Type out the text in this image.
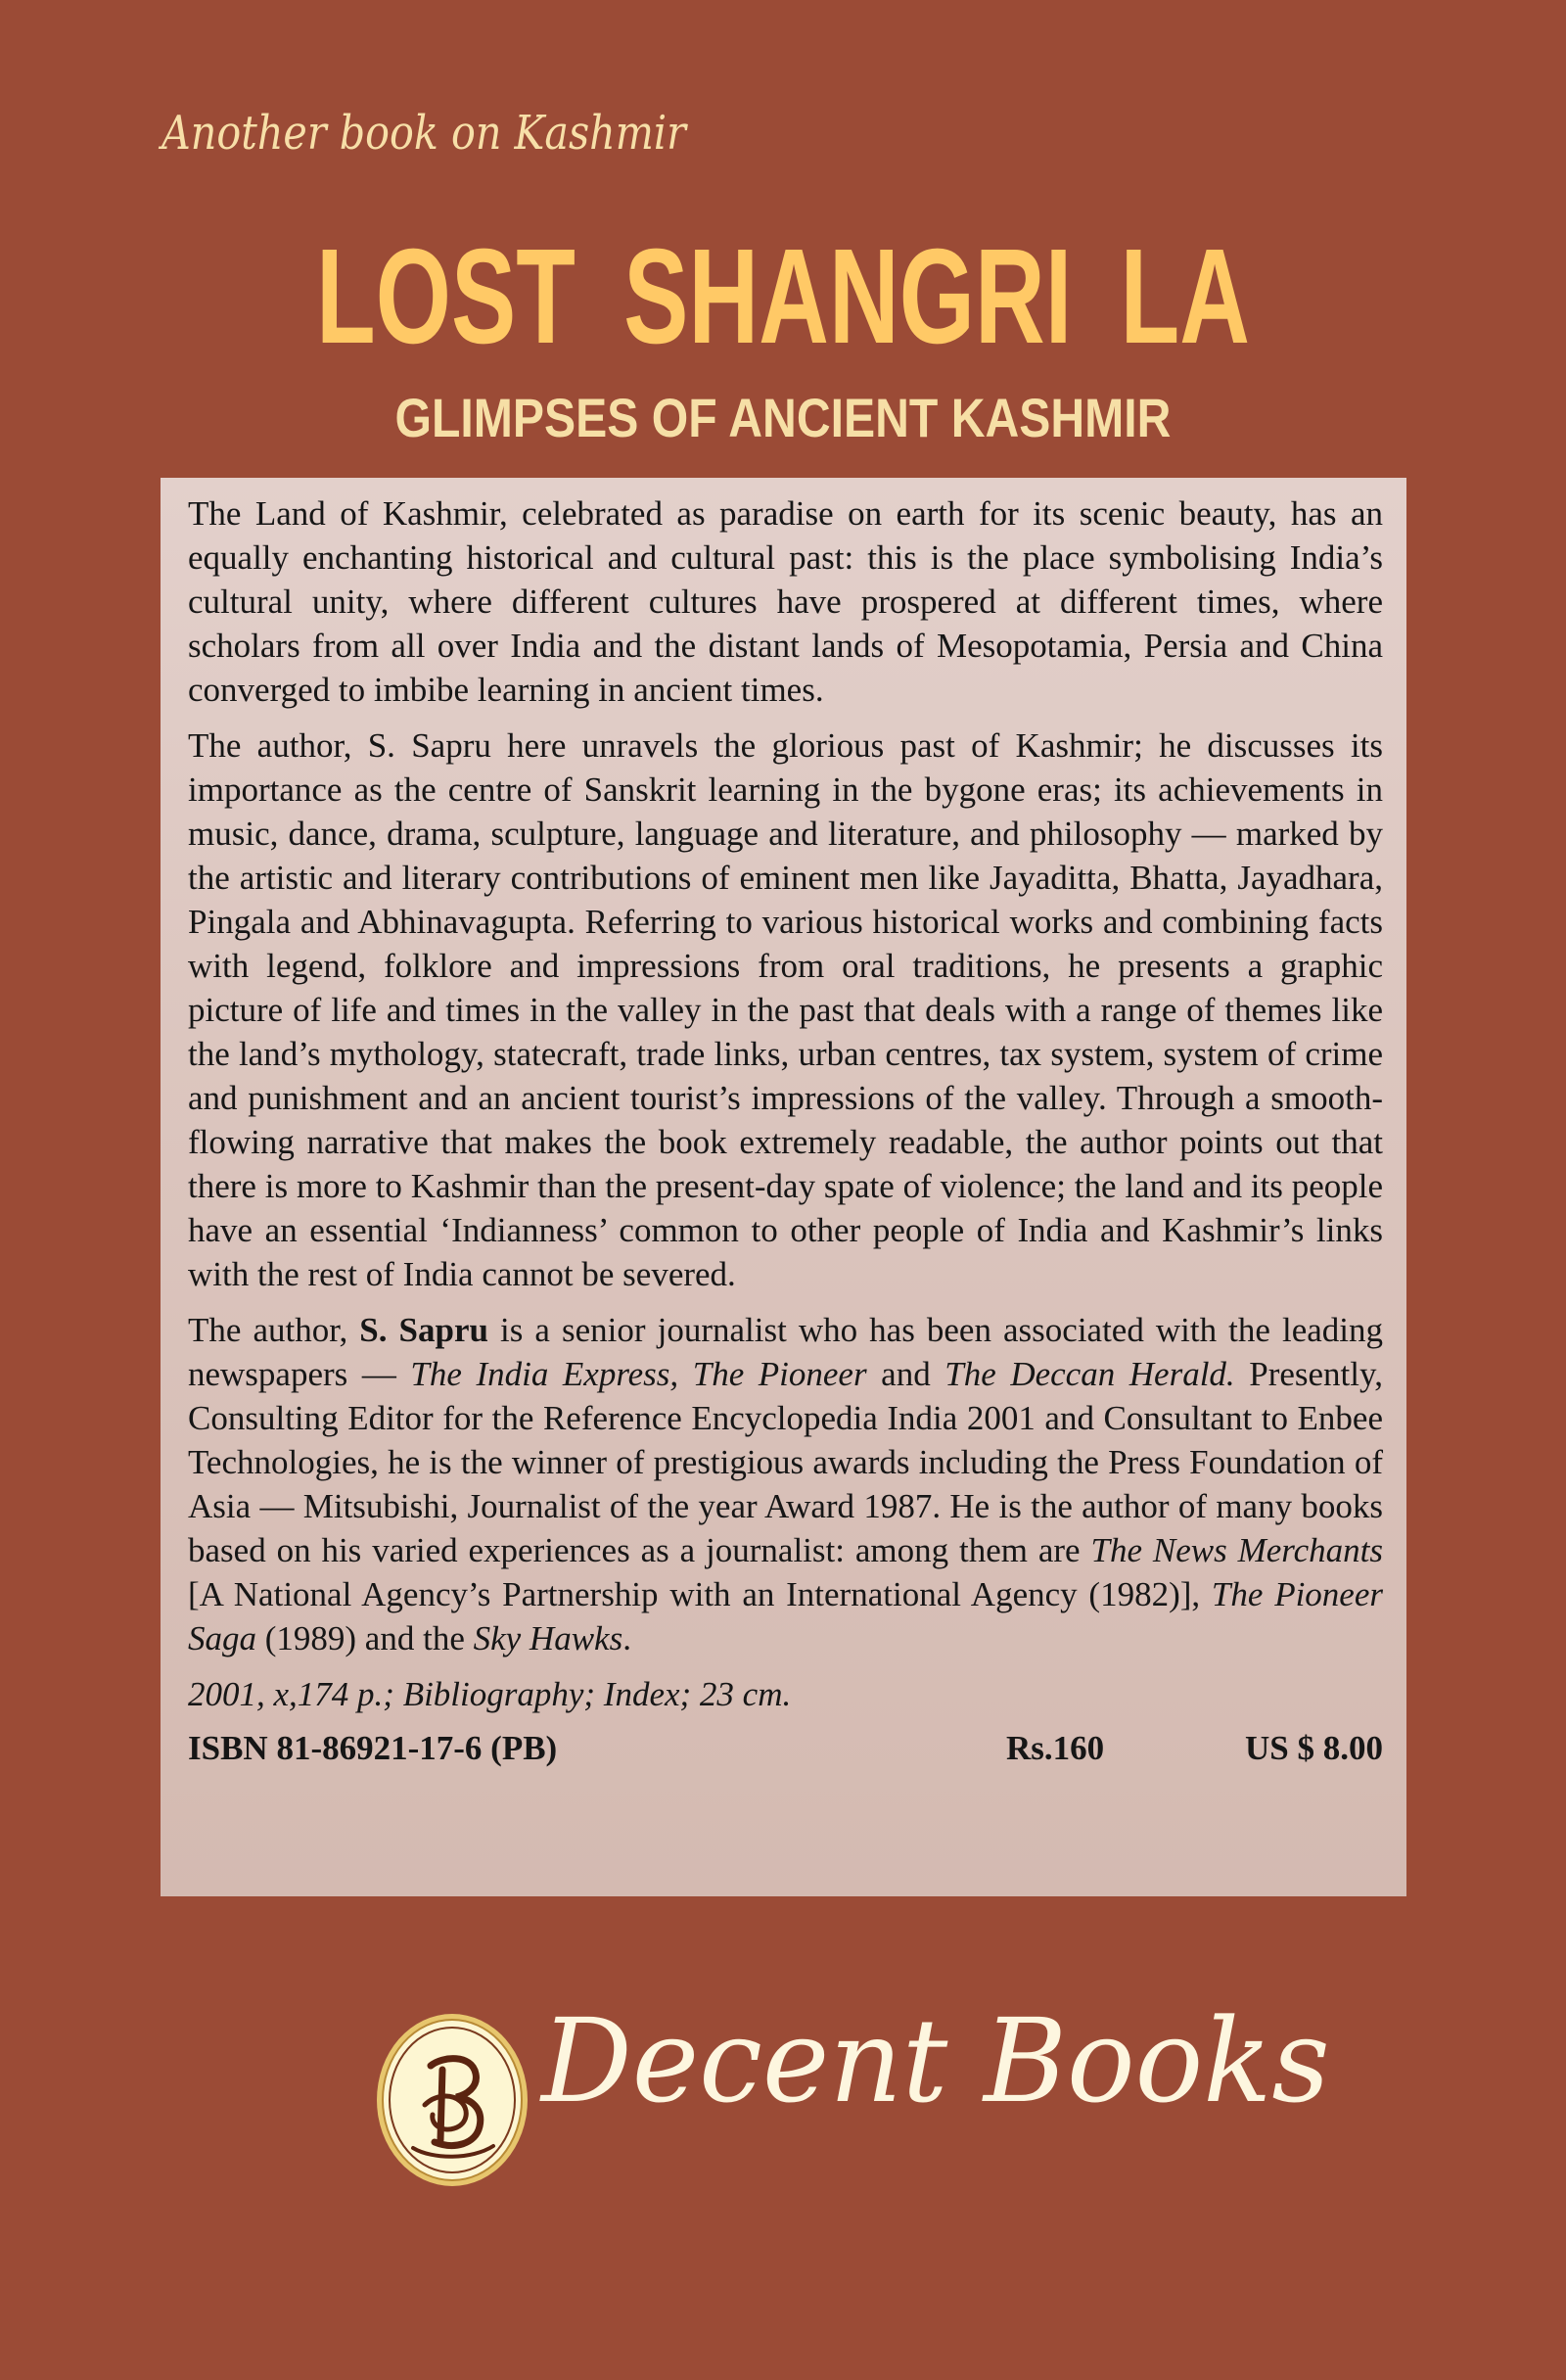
Another book on Kashmir
LOST SHANGRI LA
GLIMPSES OF ANCIENT KASHMIR

The Land of Kashmir, celebrated as paradise on earth for its scenic beauty, has an equally enchanting historical and cultural past: this is the place symbolising India’s cultural unity, where different cultures have prospered at different times, where scholars from all over India and the distant lands of Mesopotamia, Persia and China converged to imbibe learning in ancient times.

The author, S. Sapru here unravels the glorious past of Kashmir; he discusses its importance as the centre of Sanskrit learning in the bygone eras; its achievements in music, dance, drama, sculpture, language and literature, and philosophy — marked by the artistic and literary contributions of eminent men like Jayaditta, Bhatta, Jayadhara, Pingala and Abhinavagupta. Referring to various historical works and combining facts with legend, folklore and impressions from oral traditions, he presents a graphic picture of life and times in the valley in the past that deals with a range of themes like the land’s mythology, statecraft, trade links, urban centres, tax system, system of crime and punishment and an ancient tourist’s impressions of the valley. Through a smooth-flowing narrative that makes the book extremely readable, the author points out that there is more to Kashmir than the present-day spate of violence; the land and its people have an essential ‘Indianness’ common to other people of India and Kashmir’s links with the rest of India cannot be severed.

The author, S. Sapru is a senior journalist who has been associated with the leading newspapers — The India Express, The Pioneer and The Deccan Herald. Presently, Consulting Editor for the Reference Encyclopedia India 2001 and Consultant to Enbee Technologies, he is the winner of prestigious awards including the Press Foundation of Asia — Mitsubishi, Journalist of the year Award 1987. He is the author of many books based on his varied experiences as a journalist: among them are The News Merchants [A National Agency’s Partnership with an International Agency (1982)], The Pioneer Saga (1989) and the Sky Hawks.

2001, x,174 p.; Bibliography; Index; 23 cm.

ISBN 81-86921-17-6 (PB)	Rs.160	US $ 8.00
Decent Books
